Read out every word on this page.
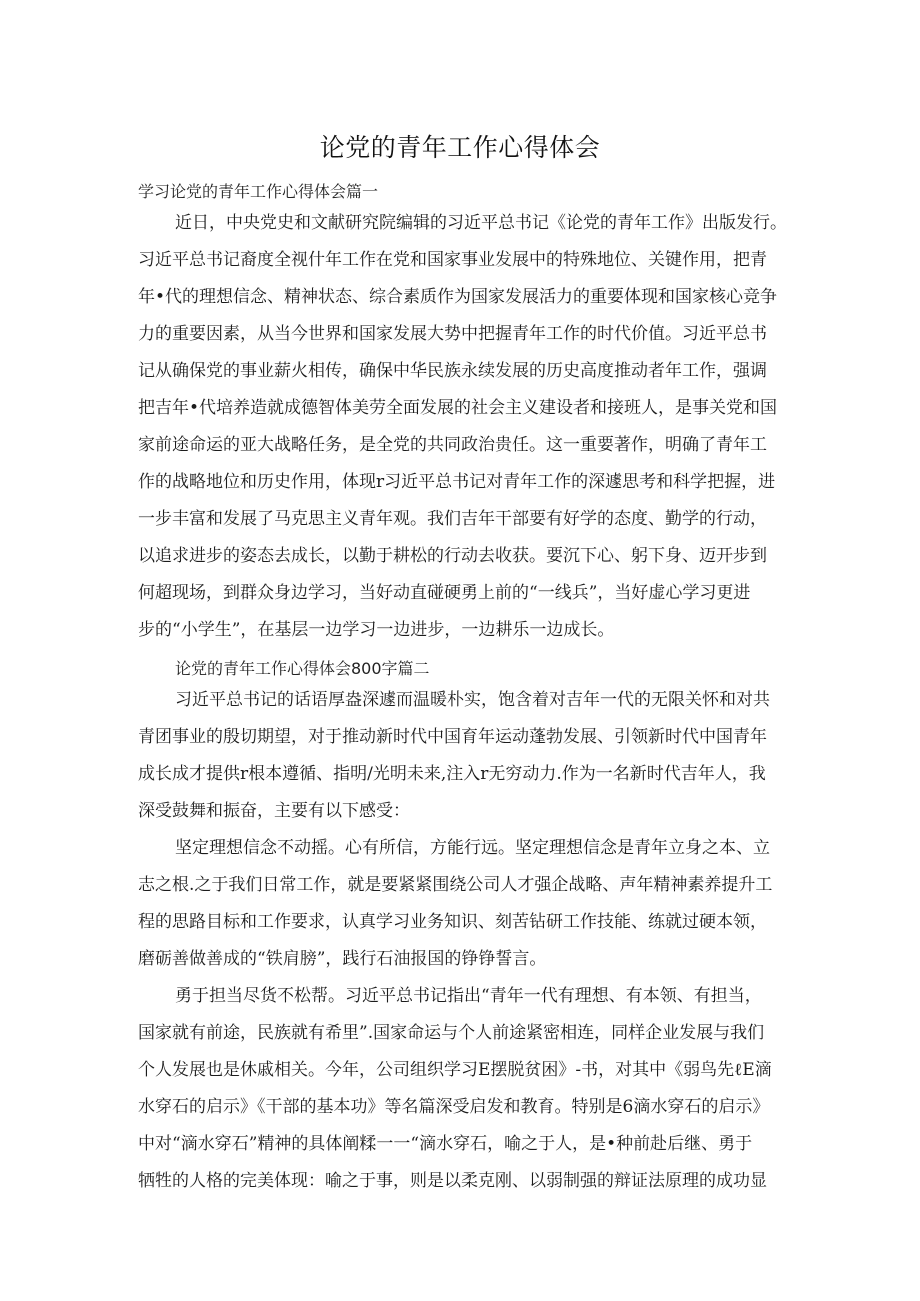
论党的青年工作心得体会
学习论党的青年工作心得体会篇一
近日，中央党史和文献研究院编辑的习近平总书记《论党的青年工作》出版发行。
习近平总书记裔度全视什年工作在党和国家事业发展中的特殊地位、关键作用，把青
年•代的理想信念、精神状态、综合素质作为国家发展活力的重要体现和国家核心竞争
力的重要因素，从当今世界和国家发展大势中把握青年工作的时代价值。习近平总书
记从确保党的事业薪火相传，确保中华民族永续发展的历史高度推动者年工作，强调
把吉年•代培养造就成德智体美劳全面发展的社会主义建设者和接班人，是事关党和国
家前途命运的亚大战略任务，是全党的共同政治贵任。这一重要著作，明确了青年工
作的战略地位和历史作用，体现r习近平总书记对青年工作的深遽思考和科学把握，进
一步丰富和发展了马克思主义青年观。我们吉年干部要有好学的态度、勤学的行动，
以追求进步的姿态去成长，以勤于耕松的行动去收获。要沉下心、躬下身、迈开步到
何超现场，到群众身边学习，当好动直碰硬勇上前的“一线兵”，当好虚心学习更进
步的“小学生”，在基层一边学习一边进步，一边耕乐一边成长。
论党的青年工作心得体会800字篇二
习近平总书记的话语厚盎深遽而温暖朴实，饱含着对吉年一代的无限关怀和对共
青团事业的殷切期望，对于推动新时代中国育年运动蓬勃发展、引领新时代中国青年
成长成才提供r根本遵循、指明/光明未来,注入r无穷动力.作为一名新时代吉年人，我
深受鼓舞和振奋，主要有以下感受：
坚定理想信念不动摇。心有所信，方能行远。坚定理想信念是青年立身之本、立
志之根.之于我们日常工作，就是要紧紧围绕公司人才强企战略、声年精神素养提升工
程的思路目标和工作要求，认真学习业务知识、刻苦钻研工作技能、练就过硬本领，
磨砺善做善成的“铁肩膀”，践行石油报国的铮铮誓言。
勇于担当尽货不松帮。习近平总书记指出“青年一代有理想、有本领、有担当，
国家就有前途，民族就有希里”.国家命运与个人前途紧密相连，同样企业发展与我们
个人发展也是休戚相关。今年，公司组织学习E摆脱贫困》-书，对其中《弱鸟先ℓE滴
水穿石的启示》《干部的基本功》等名篇深受启发和教育。特别是6滴水穿石的启示》
中对“滴水穿石”精神的具体阐糅一一“滴水穿石，喻之于人，是•种前赴后继、勇于
牺牲的人格的完美体现：喻之于事，则是以柔克刚、以弱制强的辩证法原理的成功显
